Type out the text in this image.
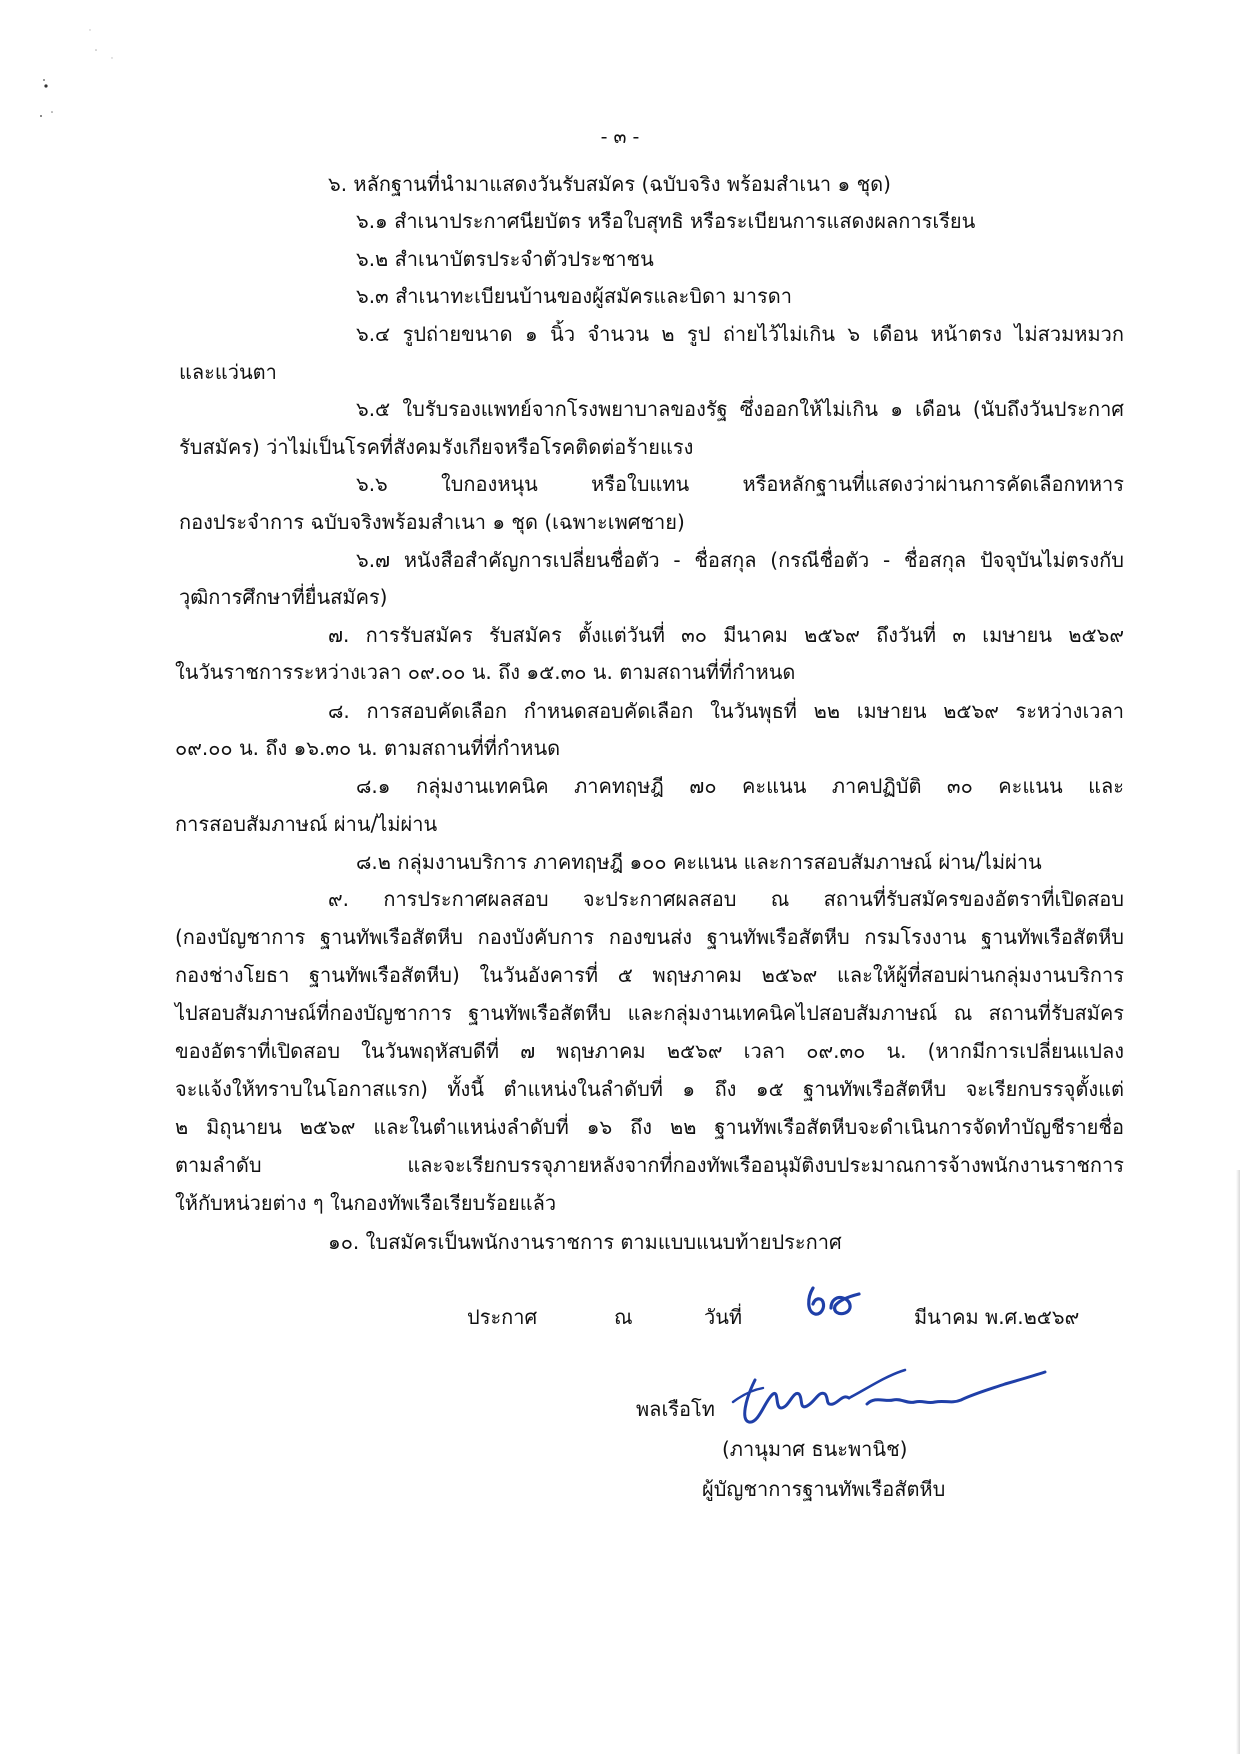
- ๓ -
๖. หลักฐานที่นำมาแสดงวันรับสมัคร (ฉบับจริง พร้อมสำเนา ๑ ชุด)
๖.๑ สำเนาประกาศนียบัตร หรือใบสุทธิ หรือระเบียนการแสดงผลการเรียน
๖.๒ สำเนาบัตรประจำตัวประชาชน
๖.๓ สำเนาทะเบียนบ้านของผู้สมัครและบิดา มารดา
๖.๔ รูปถ่ายขนาด ๑ นิ้ว จำนวน ๒ รูป ถ่ายไว้ไม่เกิน ๖ เดือน หน้าตรง ไม่สวมหมวก
และแว่นตา
๖.๕ ใบรับรองแพทย์จากโรงพยาบาลของรัฐ ซึ่งออกให้ไม่เกิน ๑ เดือน (นับถึงวันประกาศ
รับสมัคร) ว่าไม่เป็นโรคที่สังคมรังเกียจหรือโรคติดต่อร้ายแรง
๖.๖ ใบกองหนุน หรือใบแทน หรือหลักฐานที่แสดงว่าผ่านการคัดเลือกทหาร
กองประจำการ ฉบับจริงพร้อมสำเนา ๑ ชุด (เฉพาะเพศชาย)
๖.๗ หนังสือสำคัญการเปลี่ยนชื่อตัว - ชื่อสกุล (กรณีชื่อตัว - ชื่อสกุล ปัจจุบันไม่ตรงกับ
วุฒิการศึกษาที่ยื่นสมัคร)
๗. การรับสมัคร รับสมัคร ตั้งแต่วันที่ ๓๐ มีนาคม ๒๕๖๙ ถึงวันที่ ๓ เมษายน ๒๕๖๙
ในวันราชการระหว่างเวลา ๐๙.๐๐ น. ถึง ๑๕.๓๐ น. ตามสถานที่ที่กำหนด
๘. การสอบคัดเลือก กำหนดสอบคัดเลือก ในวันพุธที่ ๒๒ เมษายน ๒๕๖๙ ระหว่างเวลา
๐๙.๐๐ น. ถึง ๑๖.๓๐ น. ตามสถานที่ที่กำหนด
๘.๑ กลุ่มงานเทคนิค ภาคทฤษฎี ๗๐ คะแนน ภาคปฏิบัติ ๓๐ คะแนน และ
การสอบสัมภาษณ์ ผ่าน/ไม่ผ่าน
๘.๒ กลุ่มงานบริการ ภาคทฤษฎี ๑๐๐ คะแนน และการสอบสัมภาษณ์ ผ่าน/ไม่ผ่าน
๙. การประกาศผลสอบ จะประกาศผลสอบ ณ สถานที่รับสมัครของอัตราที่เปิดสอบ
(กองบัญชาการ ฐานทัพเรือสัตหีบ กองบังคับการ กองขนส่ง ฐานทัพเรือสัตหีบ กรมโรงงาน ฐานทัพเรือสัตหีบ
กองช่างโยธา ฐานทัพเรือสัตหีบ) ในวันอังคารที่ ๕ พฤษภาคม ๒๕๖๙ และให้ผู้ที่สอบผ่านกลุ่มงานบริการ
ไปสอบสัมภาษณ์ที่กองบัญชาการ ฐานทัพเรือสัตหีบ และกลุ่มงานเทคนิคไปสอบสัมภาษณ์ ณ สถานที่รับสมัคร
ของอัตราที่เปิดสอบ ในวันพฤหัสบดีที่ ๗ พฤษภาคม ๒๕๖๙ เวลา ๐๙.๓๐ น. (หากมีการเปลี่ยนแปลง
จะแจ้งให้ทราบในโอกาสแรก) ทั้งนี้ ตำแหน่งในลำดับที่ ๑ ถึง ๑๕ ฐานทัพเรือสัตหีบ จะเรียกบรรจุตั้งแต่
๒ มิถุนายน ๒๕๖๙ และในตำแหน่งลำดับที่ ๑๖ ถึง ๒๒ ฐานทัพเรือสัตหีบจะดำเนินการจัดทำบัญชีรายชื่อ
ตามลำดับ และจะเรียกบรรจุภายหลังจากที่กองทัพเรืออนุมัติงบประมาณการจ้างพนักงานราชการ
ให้กับหน่วยต่าง ๆ ในกองทัพเรือเรียบร้อยแล้ว
๑๐. ใบสมัครเป็นพนักงานราชการ ตามแบบแนบท้ายประกาศ
ประกาศ	ณ	วันที่	มีนาคม พ.ศ.๒๕๖๙
พลเรือโท
(ภานุมาศ ธนะพานิช)
ผู้บัญชาการฐานทัพเรือสัตหีบ
